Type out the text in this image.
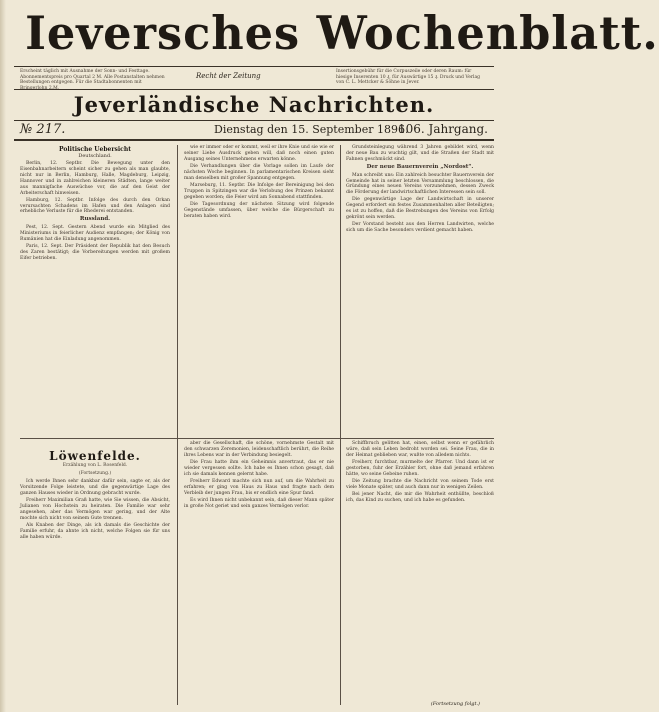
Ieversches Wochenblatt.
Erscheint täglich mit Ausnahme der Sonn- und Festtage. Abonnementspreis pro Quartal 2 M. Alle Postanstalten nehmen Bestellungen entgegen. Für die Stadtabonnenten mit Bringerlohn 2.M.
Recht der Zeitung
Insertionsgebühr für die Corpuszeile oder deren Raum: für hiesige Inserenten 10 ₰, für Auswärtige 15 ₰. Druck und Verlag von C. L. Mettcker & Söhne in Jever.
Jeverländische Nachrichten.
№ 217.	Dienstag den 15. September 1896.
106. Jahrgang.
Politische Uebersicht
Deutschland.

Berlin, 12. Septbr. Die Bewegung unter den Eisenbahnarbeitern scheint sicher zu gehen als man glaubte, nicht nur in Berlin, Hamburg, Halle, Magdeburg, Leipzig, Hannover und in zahlreichen kleineren Städten, lange weiter aus mannigfache Auswüchse vor, die auf den Geist der Arbeiterschaft hinweisen.

Hamburg, 12. Septbr. Infolge des durch den Orkan verursachten Schadens im Hafen und den Anlagen sind erhebliche Verluste für die Rhederei entstanden.

Russland.

Pest, 12. Sept. Gestern Abend wurde ein Mitglied des Ministeriums in feierlicher Audienz empfangen; der König von Rumänien hat die Einladung angenommen.

Paris, 12. Sept. Der Präsident der Republik hat den Besuch des Zaren bestätigt; die Vorbereitungen werden mit großem Eifer betrieben.

wie er immer oder er kommt, weil er ihre Knie und sie wie er seiner Liebe Ausdruck geben will, daß noch einen guten Ausgang seines Unternehmens erwarten könne.

Die Verhandlungen über die Vorlage sollen im Laufe der nächsten Woche beginnen. In parlamentarischen Kreisen sieht man denselben mit großer Spannung entgegen.

Marseburg, 11. Septbr. Die Infolge der Bereinigung bei den Truppen in Spitzingen war die Verlobung des Prinzen bekannt gegeben worden; die Feier wird am Sonnabend stattfinden.

Die Tagesordnung der nächsten Sitzung wird folgende Gegenstände umfassen, über welche die Bürgerschaft zu beraten haben wird.

Grundsteinlegung während 3 Jahren gebildet wird, wenn der neue Bau zu wuchtig gilt, und die Straßen der Stadt mit Fahnen geschmückt sind.

Der neue Bauernverein „Nordost“.

Man schreibt uns: Ein zahlreich besuchter Bauernverein der Gemeinde hat in seiner letzten Versammlung beschlossen, die Gründung eines neuen Vereins vorzunehmen, dessen Zweck die Förderung der landwirtschaftlichen Interessen sein soll.

Die gegenwärtige Lage der Landwirtschaft in unserer Gegend erfordert ein festes Zusammenhalten aller Beteiligten; es ist zu hoffen, daß die Bestrebungen des Vereins von Erfolg gekrönt sein werden.

Der Vorstand besteht aus den Herren Landwirten, welche sich um die Sache besonders verdient gemacht haben.

Löwenfelde.
Erzählung von L. Rosenfeld.
(Fortsetzung.)

Ich werde Ihnen sehr dankbar dafür sein, sagte er, als der Vorsitzende Folge leistete, und die gegenwärtige Lage des ganzen Hauses wieder in Ordnung gebracht wurde.

Freiherr Maximilian Graß hatte, wie Sie wissen, die Absicht, Julianen von Hochstein zu heiraten. Die Familie war sehr angesehen, aber das Vermögen war gering, und der Alte mochte sich nicht von seinem Gute trennen.

Als Knaben der Dinge, als ich damals die Geschichte der Familie erfuhr, da ahnte ich nicht, welche Folgen sie für uns alle haben würde.

aber die Gesellschaft, die schöne, vornehmste Gestalt mit den schwarzen Zeremonien, leidenschaftlich berührt, die Reihe ihres Lebens war in der Verbindung besiegelt.

Die Frau hatte ihm ein Geheimnis anvertraut, das er nie wieder vergessen sollte. Ich habe es Ihnen schon gesagt, daß ich sie damals kennen gelernt habe.

Freiherr Edward machte sich nun auf, um die Wahrheit zu erfahren; er ging von Haus zu Haus und fragte nach dem Verbleib der jungen Frau, bis er endlich eine Spur fand.

Es wird Ihnen nicht unbekannt sein, daß dieser Mann später in große Not geriet und sein ganzes Vermögen verlor.

Schiffbruch gelitten hat, einen, selbst wenn er gefährlich wäre, daß sein Leben bedroht worden sei. Seine Frau, die in der Heimat geblieben war, wußte von alledem nichts.

Freiherr, furchtbar, murmelte der Pfarrer. Und dann ist er gestorben, fuhr der Erzähler fort, ohne daß jemand erfahren hätte, wo seine Gebeine ruhen.

Die Zeitung brachte die Nachricht von seinem Tode erst viele Monate später, und auch dann nur in wenigen Zeilen.

Bei jener Nacht, die mir die Wahrheit enthüllte, beschloß ich, das Kind zu suchen, und ich habe es gefunden.

(Fortsetzung folgt.)
